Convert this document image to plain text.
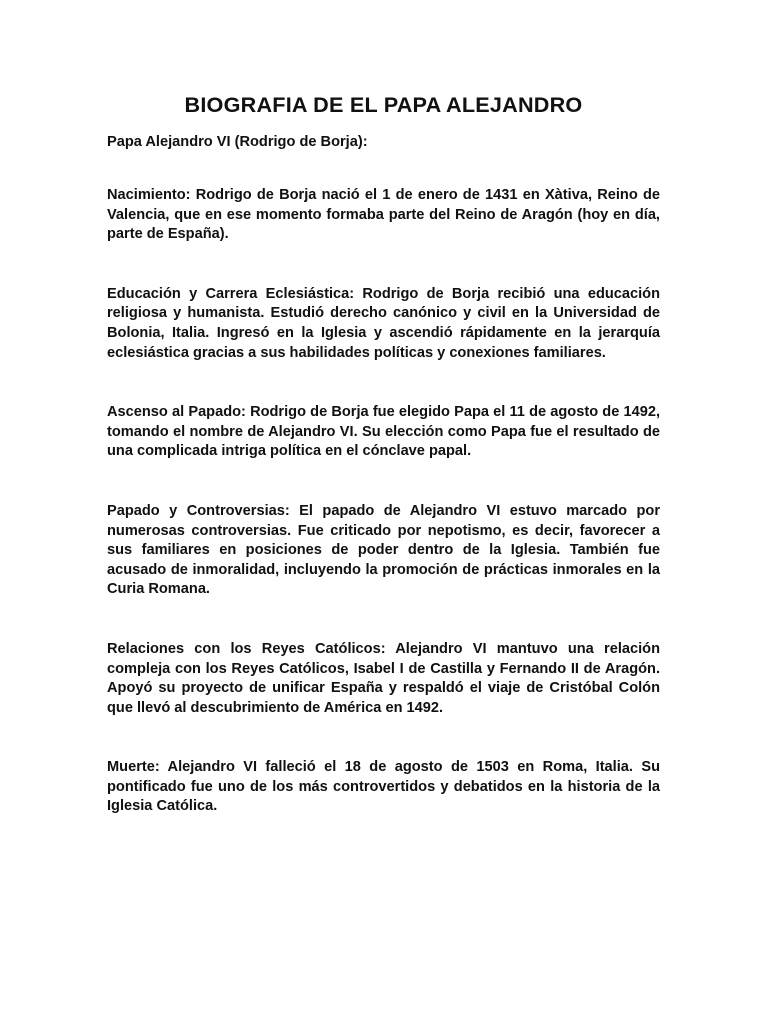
BIOGRAFIA DE EL PAPA ALEJANDRO

Papa Alejandro VI (Rodrigo de Borja):

Nacimiento: Rodrigo de Borja nació el 1 de enero de 1431 en Xàtiva, Reino de Valencia, que en ese momento formaba parte del Reino de Aragón (hoy en día, parte de España).

Educación y Carrera Eclesiástica: Rodrigo de Borja recibió una educación religiosa y humanista. Estudió derecho canónico y civil en la Universidad de Bolonia, Italia. Ingresó en la Iglesia y ascendió rápidamente en la jerarquía eclesiástica gracias a sus habilidades políticas y conexiones familiares.

Ascenso al Papado: Rodrigo de Borja fue elegido Papa el 11 de agosto de 1492, tomando el nombre de Alejandro VI. Su elección como Papa fue el resultado de una complicada intriga política en el cónclave papal.

Papado y Controversias: El papado de Alejandro VI estuvo marcado por numerosas controversias. Fue criticado por nepotismo, es decir, favorecer a sus familiares en posiciones de poder dentro de la Iglesia. También fue acusado de inmoralidad, incluyendo la promoción de prácticas inmorales en la Curia Romana.

Relaciones con los Reyes Católicos: Alejandro VI mantuvo una relación compleja con los Reyes Católicos, Isabel I de Castilla y Fernando II de Aragón. Apoyó su proyecto de unificar España y respaldó el viaje de Cristóbal Colón que llevó al descubrimiento de América en 1492.

Muerte: Alejandro VI falleció el 18 de agosto de 1503 en Roma, Italia. Su pontificado fue uno de los más controvertidos y debatidos en la historia de la Iglesia Católica.
